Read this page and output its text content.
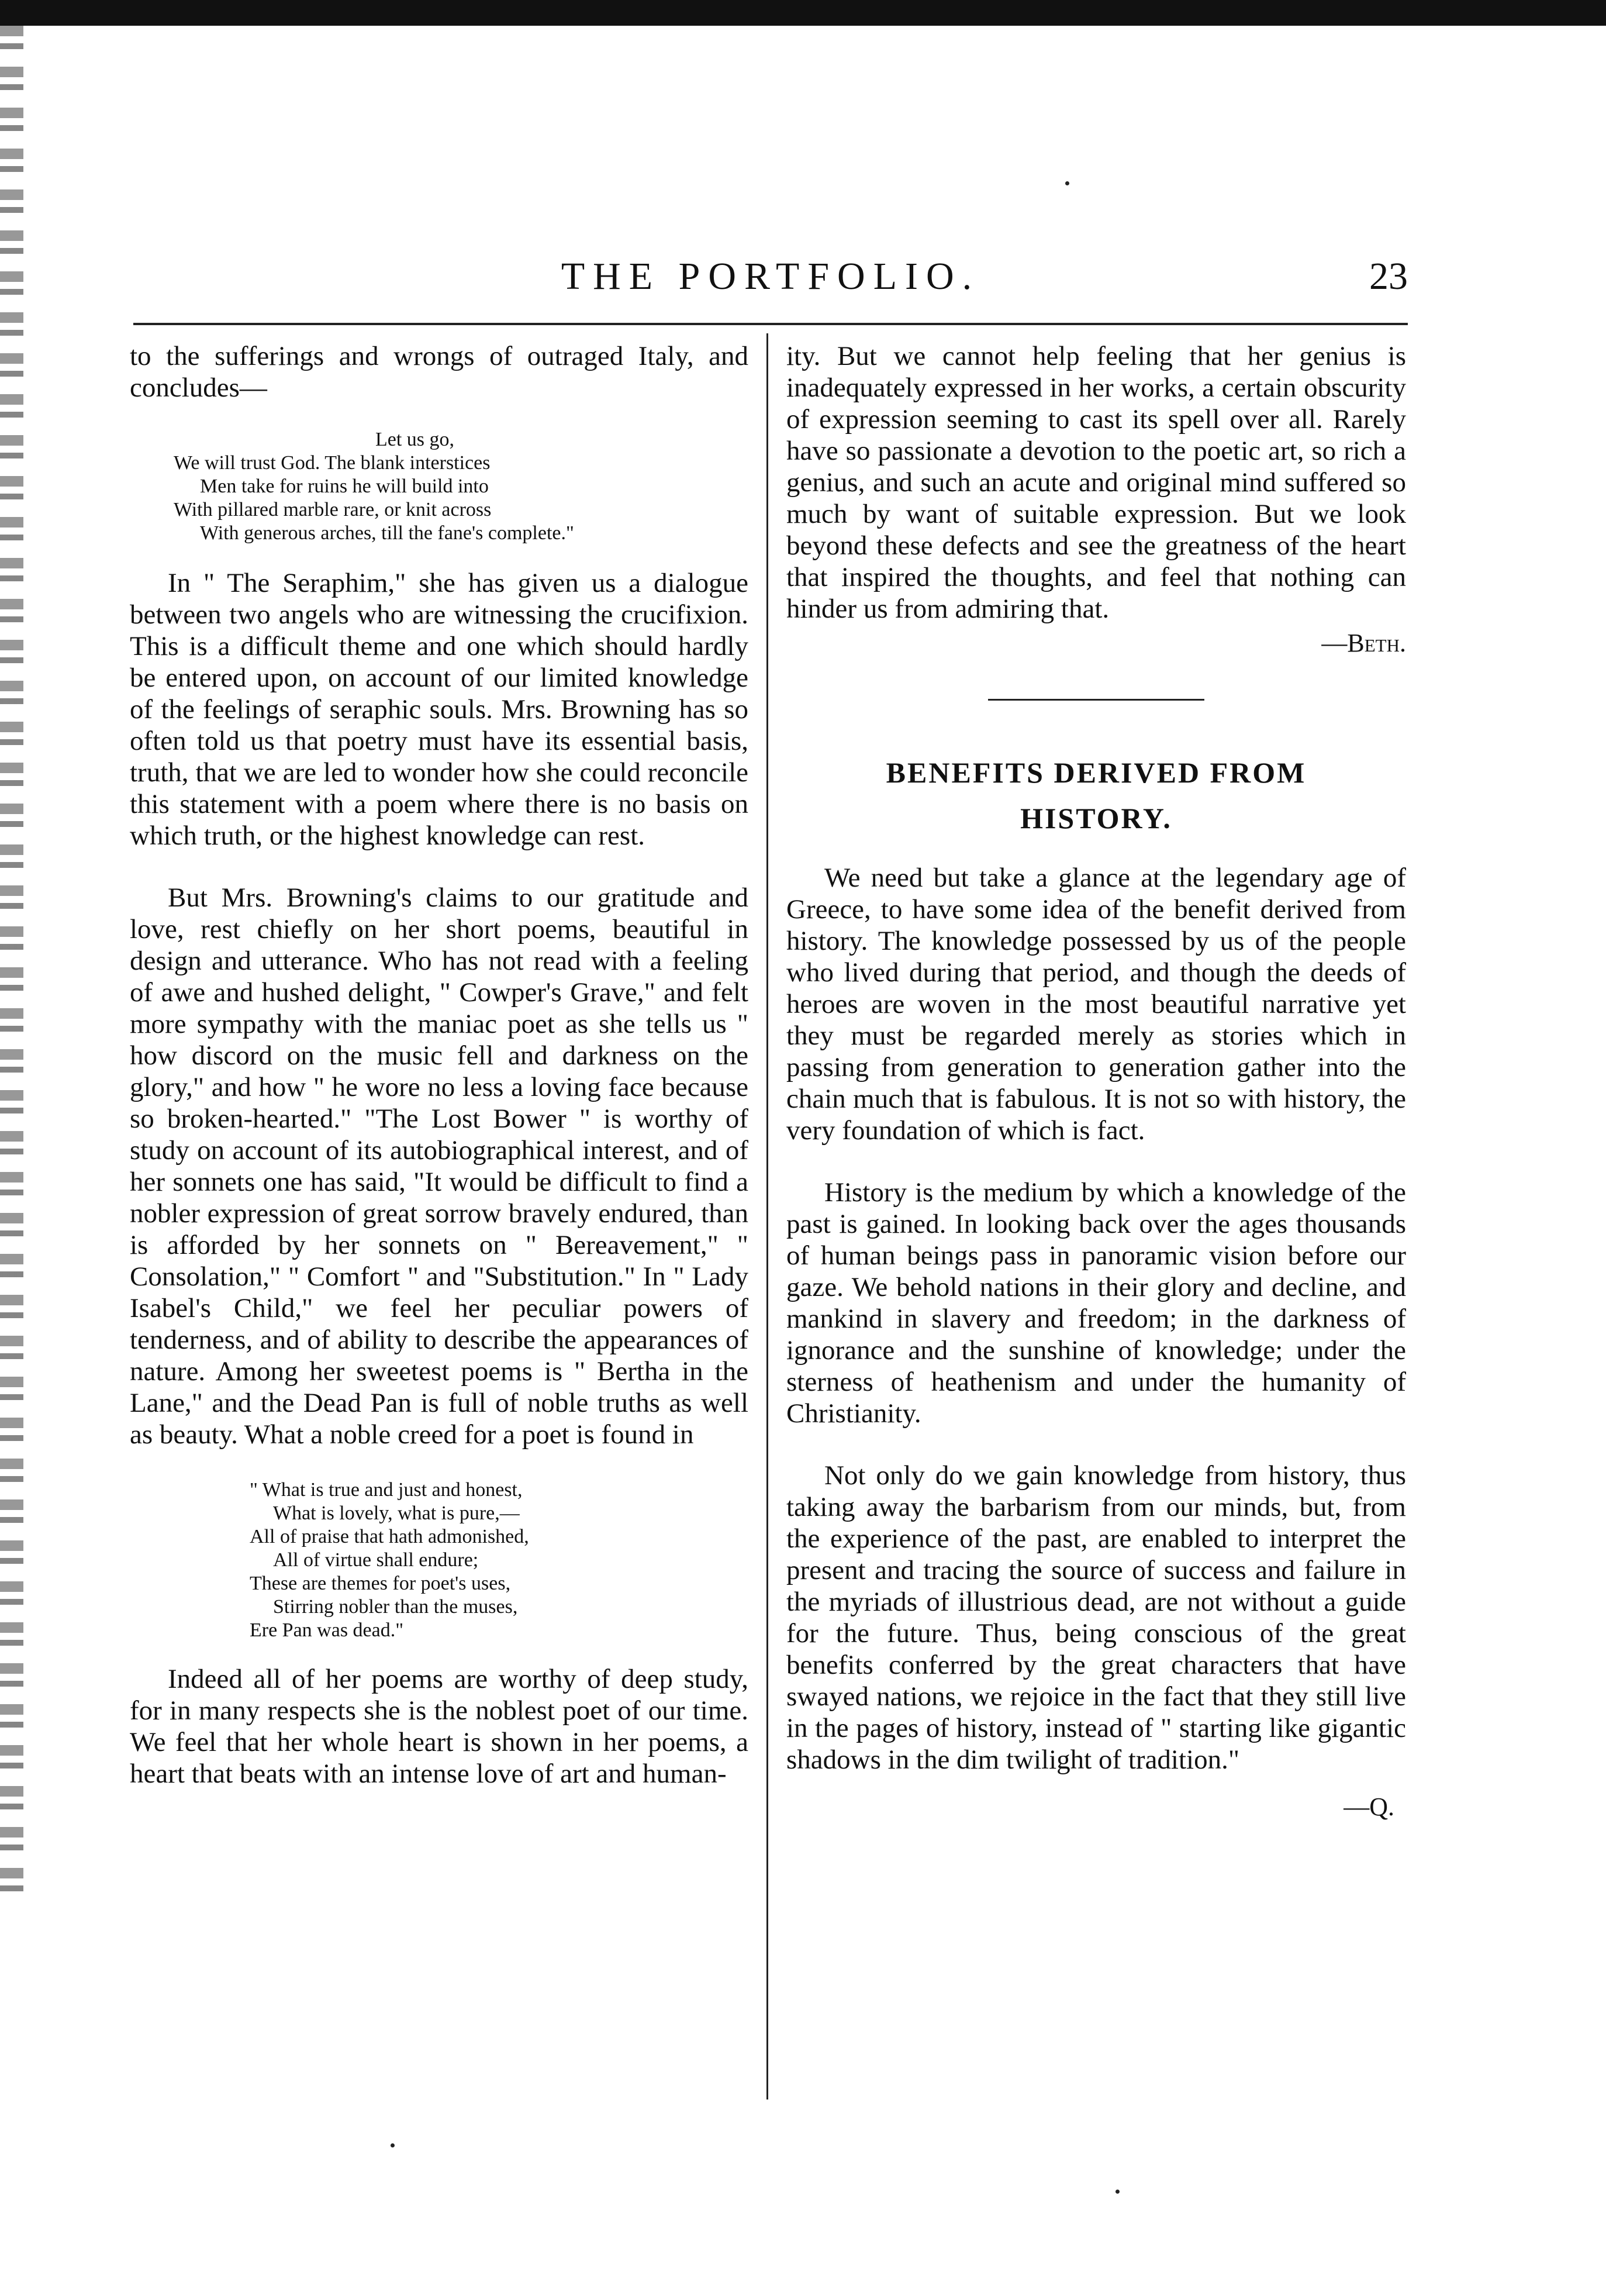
THE PORTFOLIO.	23

to the sufferings and wrongs of outraged Italy, and concludes—

Let us go,
We will trust God. The blank interstices
Men take for ruins he will build into
With pillared marble rare, or knit across
With generous arches, till the fane's complete."

In " The Seraphim," she has given us a dialogue between two angels who are witnessing the crucifixion. This is a difficult theme and one which should hardly be entered upon, on account of our limited knowledge of the feelings of seraphic souls. Mrs. Browning has so often told us that poetry must have its essential basis, truth, that we are led to wonder how she could reconcile this statement with a poem where there is no basis on which truth, or the highest knowledge can rest.

But Mrs. Browning's claims to our gratitude and love, rest chiefly on her short poems, beautiful in design and utterance. Who has not read with a feeling of awe and hushed delight, " Cowper's Grave," and felt more sympathy with the maniac poet as she tells us " how discord on the music fell and darkness on the glory," and how " he wore no less a loving face because so broken-hearted." "The Lost Bower " is worthy of study on account of its autobiographical interest, and of her sonnets one has said, "It would be difficult to find a nobler expression of great sorrow bravely endured, than is afforded by her sonnets on " Bereavement," " Consolation," " Comfort " and "Substitution." In " Lady Isabel's Child," we feel her peculiar powers of tenderness, and of ability to describe the appearances of nature. Among her sweetest poems is " Bertha in the Lane," and the Dead Pan is full of noble truths as well as beauty. What a noble creed for a poet is found in

" What is true and just and honest,
What is lovely, what is pure,—
All of praise that hath admonished,
All of virtue shall endure;
These are themes for poet's uses,
Stirring nobler than the muses,
Ere Pan was dead."

Indeed all of her poems are worthy of deep study, for in many respects she is the noblest poet of our time. We feel that her whole heart is shown in her poems, a heart that beats with an intense love of art and human-

ity. But we cannot help feeling that her genius is inadequately expressed in her works, a certain obscurity of expression seeming to cast its spell over all. Rarely have so passionate a devotion to the poetic art, so rich a genius, and such an acute and original mind suffered so much by want of suitable expression. But we look beyond these defects and see the greatness of the heart that inspired the thoughts, and feel that nothing can hinder us from admiring that.

—Beth.

BENEFITS DERIVED FROM
HISTORY.

We need but take a glance at the legendary age of Greece, to have some idea of the benefit derived from history. The knowledge possessed by us of the people who lived during that period, and though the deeds of heroes are woven in the most beautiful narrative yet they must be regarded merely as stories which in passing from generation to generation gather into the chain much that is fabulous. It is not so with history, the very foundation of which is fact.

History is the medium by which a knowledge of the past is gained. In looking back over the ages thousands of human beings pass in panoramic vision before our gaze. We behold nations in their glory and decline, and mankind in slavery and freedom; in the darkness of ignorance and the sunshine of knowledge; under the sterness of heathenism and under the humanity of Christianity.

Not only do we gain knowledge from history, thus taking away the barbarism from our minds, but, from the experience of the past, are enabled to interpret the present and tracing the source of success and failure in the myriads of illustrious dead, are not without a guide for the future. Thus, being conscious of the great benefits conferred by the great characters that have swayed nations, we rejoice in the fact that they still live in the pages of history, instead of " starting like gigantic shadows in the dim twilight of tradition."

—Q.
